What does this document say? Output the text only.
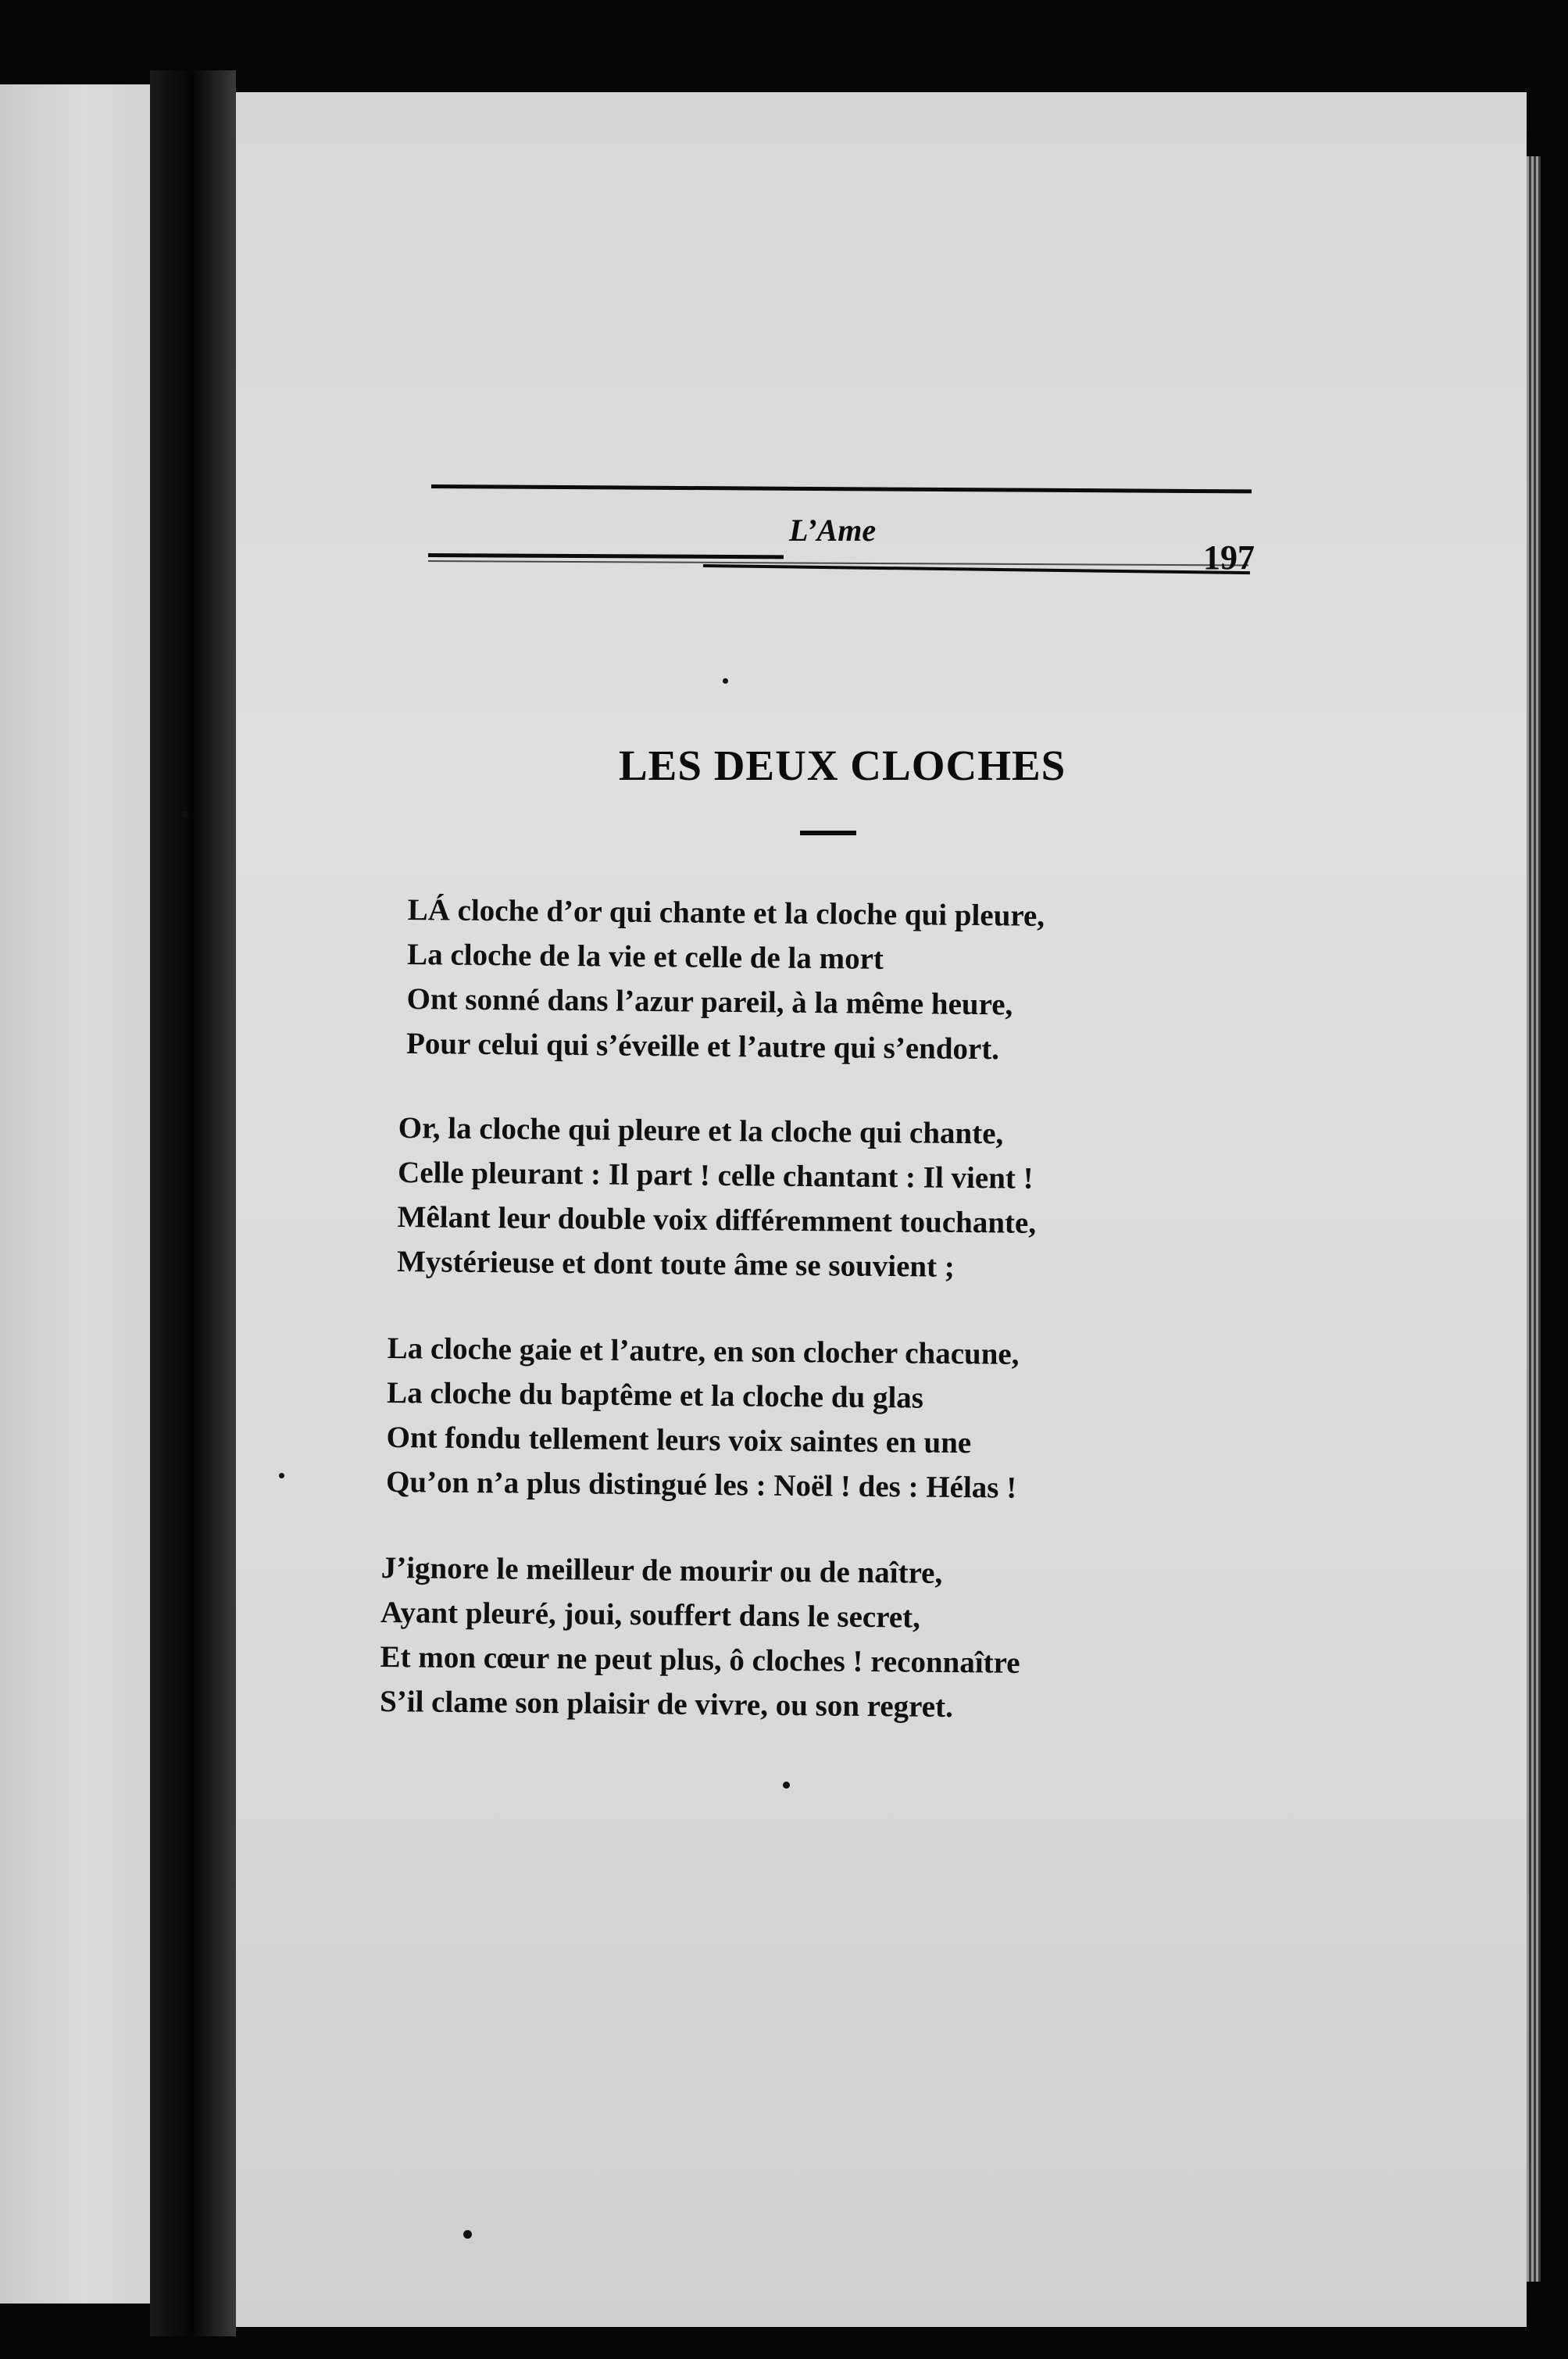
L’Ame
197
LES DEUX CLOCHES
LÁ cloche d’or qui chante et la cloche qui pleure,
La cloche de la vie et celle de la mort
Ont sonné dans l’azur pareil, à la même heure,
Pour celui qui s’éveille et l’autre qui s’endort.
Or, la cloche qui pleure et la cloche qui chante,
Celle pleurant : Il part ! celle chantant : Il vient !
Mêlant leur double voix différemment touchante,
Mystérieuse et dont toute âme se souvient ;
La cloche gaie et l’autre, en son clocher chacune,
La cloche du baptême et la cloche du glas
Ont fondu tellement leurs voix saintes en une
Qu’on n’a plus distingué les : Noël ! des : Hélas !
J’ignore le meilleur de mourir ou de naître,
Ayant pleuré, joui, souffert dans le secret,
Et mon cœur ne peut plus, ô cloches ! reconnaître
S’il clame son plaisir de vivre, ou son regret.
